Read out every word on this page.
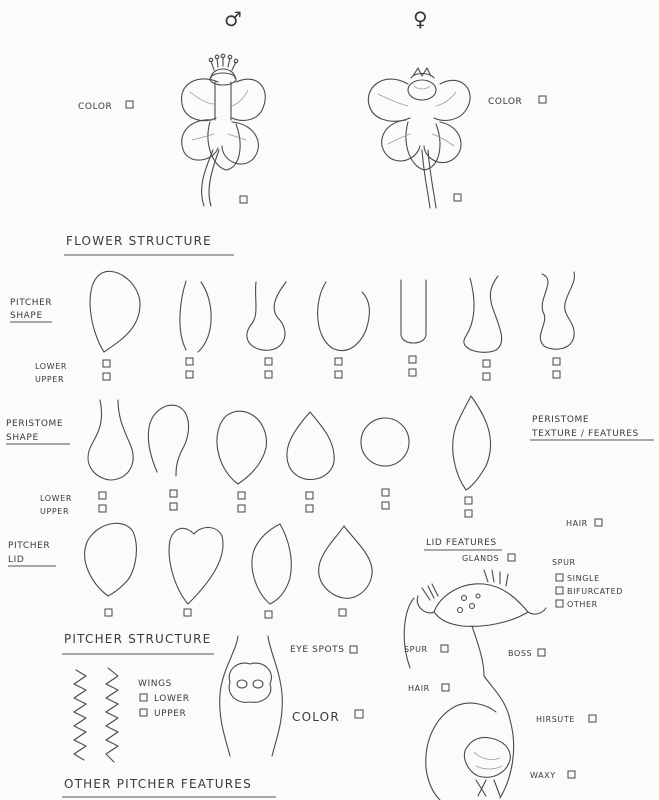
♂	♀
COLOR	COLOR
FLOWER STRUCTURE
PITCHER
SHAPE
LOWER
UPPER
PERISTOME
SHAPE
PERISTOME
TEXTURE / FEATURES
LOWER
UPPER
PITCHER
LID
LID FEATURES
HAIR
GLANDS	SPUR
SINGLE
BIFURCATED
OTHER
SPUR	BOSS
PITCHER STRUCTURE
WINGS
LOWER
UPPER
EYE SPOTS
COLOR
HAIR
HIRSUTE
WAXY
OTHER PITCHER FEATURES
